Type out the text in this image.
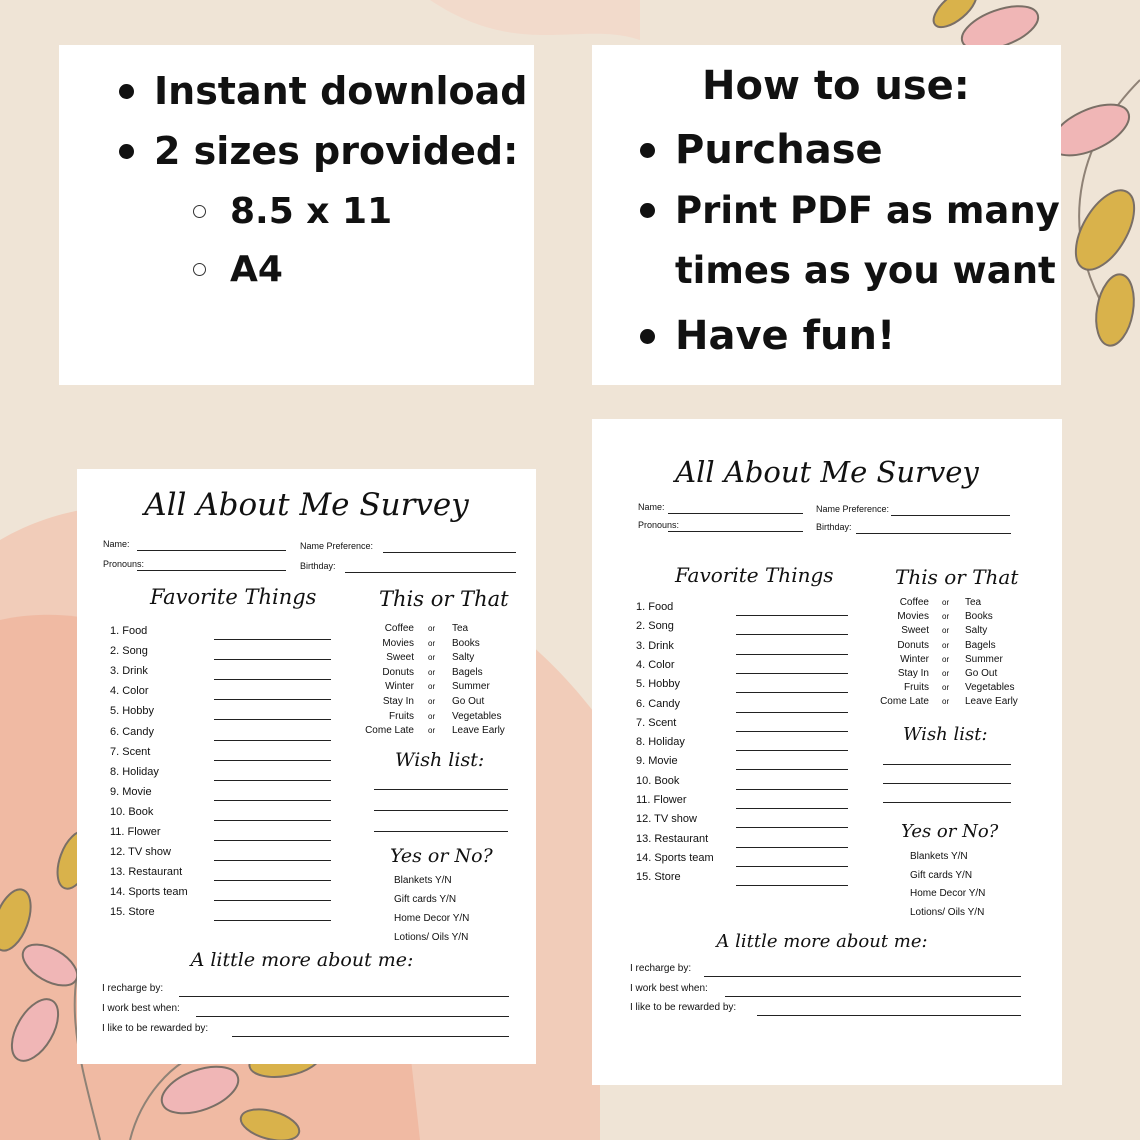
Instant download
2 sizes provided:
8.5 x 11
A4
How to use:
Purchase
Print PDF as many
times as you want
Have fun!
All About Me Survey
Name:	Name Preference:
Pronouns:	Birthday:
Favorite Things
1. Food
2. Song
3. Drink
4. Color
5. Hobby
6. Candy
7. Scent
8. Holiday
9. Movie
10. Book
11. Flower
12. TV show
13. Restaurant
14. Sports team
15. Store
This or That
Coffee or Tea
Movies or Books
Sweet or Salty
Donuts or Bagels
Winter or Summer
Stay In or Go Out
Fruits or Vegetables
Come Late or Leave Early
Wish list:
Yes or No?
Blankets Y/N
Gift cards Y/N
Home Decor Y/N
Lotions/ Oils Y/N
A little more about me:
I recharge by:
I work best when:
I like to be rewarded by:
All About Me Survey
Name:	Name Preference:
Pronouns:	Birthday:
Favorite Things
1. Food
2. Song
3. Drink
4. Color
5. Hobby
6. Candy
7. Scent
8. Holiday
9. Movie
10. Book
11. Flower
12. TV show
13. Restaurant
14. Sports team
15. Store
This or That
Coffee or Tea
Movies or Books
Sweet or Salty
Donuts or Bagels
Winter or Summer
Stay In or Go Out
Fruits or Vegetables
Come Late or Leave Early
Wish list:
Yes or No?
Blankets Y/N
Gift cards Y/N
Home Decor Y/N
Lotions/ Oils Y/N
A little more about me:
I recharge by:
I work best when:
I like to be rewarded by:
